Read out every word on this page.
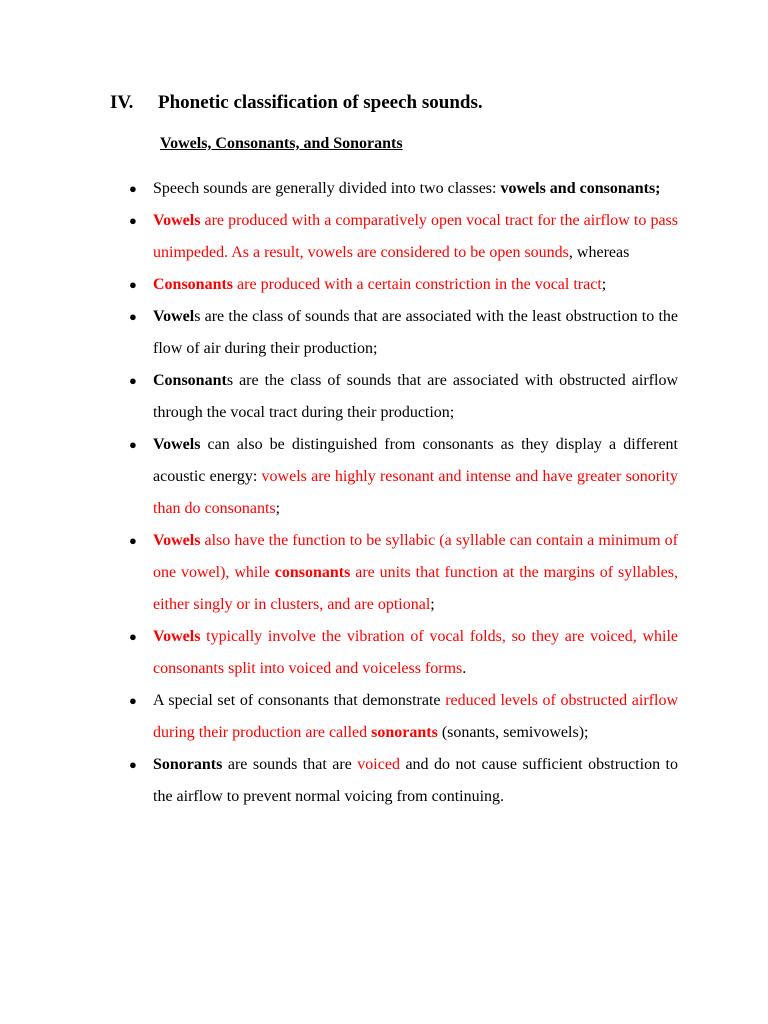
IV. Phonetic classification of speech sounds.
Vowels, Consonants, and Sonorants
● Speech sounds are generally divided into two classes: vowels and consonants;
● Vowels are produced with a comparatively open vocal tract for the airflow to pass unimpeded. As a result, vowels are considered to be open sounds, whereas
● Consonants are produced with a certain constriction in the vocal tract;
● Vowels are the class of sounds that are associated with the least obstruction to the flow of air during their production;
● Consonants are the class of sounds that are associated with obstructed airflow through the vocal tract during their production;
● Vowels can also be distinguished from consonants as they display a different acoustic energy: vowels are highly resonant and intense and have greater sonority than do consonants;
● Vowels also have the function to be syllabic (a syllable can contain a minimum of one vowel), while consonants are units that function at the margins of syllables, either singly or in clusters, and are optional;
● Vowels typically involve the vibration of vocal folds, so they are voiced, while consonants split into voiced and voiceless forms.
● A special set of consonants that demonstrate reduced levels of obstructed airflow during their production are called sonorants (sonants, semivowels);
● Sonorants are sounds that are voiced and do not cause sufficient obstruction to the airflow to prevent normal voicing from continuing.
